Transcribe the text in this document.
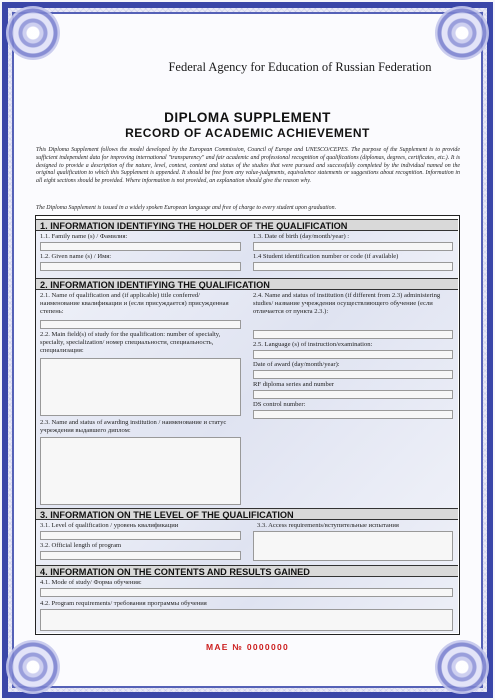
Federal Agency for Education of Russian Federation
DIPLOMA SUPPLEMENT
RECORD OF ACADEMIC ACHIEVEMENT
This Diploma Supplement follows the model developed by the European Commission, Council of Europe and UNESCO/CEPES. The purpose of the Supplement is to provide sufficient independent data for improving international "transparency" and fair academic and professional recognition of qualifications (diplomas, degrees, certificates, etc.). It is designed to provide a description of the nature, level, context, content and status of the studies that were pursued and successfully completed by the individual named on the original qualification to which this Supplement is appended. It should be free from any value-judgments, equivalence statements or suggestions about recognition. Information in all eight sections should be provided. Where information is not provided, an explanation should give the reason why.
The Diploma Supplement is issued in a widely spoken European language and free of charge to every student upon graduation.
1. INFORMATION IDENTIFYING THE HOLDER OF THE QUALIFICATION
1.1. Family name (s) / Фамилия:
1.2. Given name (s) / Имя:
1.3. Date of birth (day/month/year) :
1.4 Student identification number or code (if available)
2. INFORMATION IDENTIFYING THE QUALIFICATION
2.1. Name of qualification and (if applicable) title conferred/ наименование квалификации и (если присуждается) присужденная степень:
2.2. Main field(s) of study for the qualification: number of specialty, specialty, specialization/ номер специальности, специальность, специализация:
2.3. Name and status of awarding institution / наименование и статус учреждения выдавшего диплом:
2.4. Name and status of institution (if different from 2.3) administering studies/ название учреждения осуществляющего обучение (если отличается от пункта 2.3.):
2.5. Language (s) of instruction/examination:
Date of award (day/month/year):
RF diploma series and number
DS control number:
3. INFORMATION ON THE LEVEL OF THE QUALIFICATION
3.1. Level of qualification / уровень квалификации
3.2. Official length of program
3.3. Access requirements/вступительные испытания
4. INFORMATION ON THE CONTENTS AND RESULTS GAINED
4.1. Mode of study/ Форма обучения:
4.2. Program requirements/ требования программы обучения
МАЕ № 0000000
